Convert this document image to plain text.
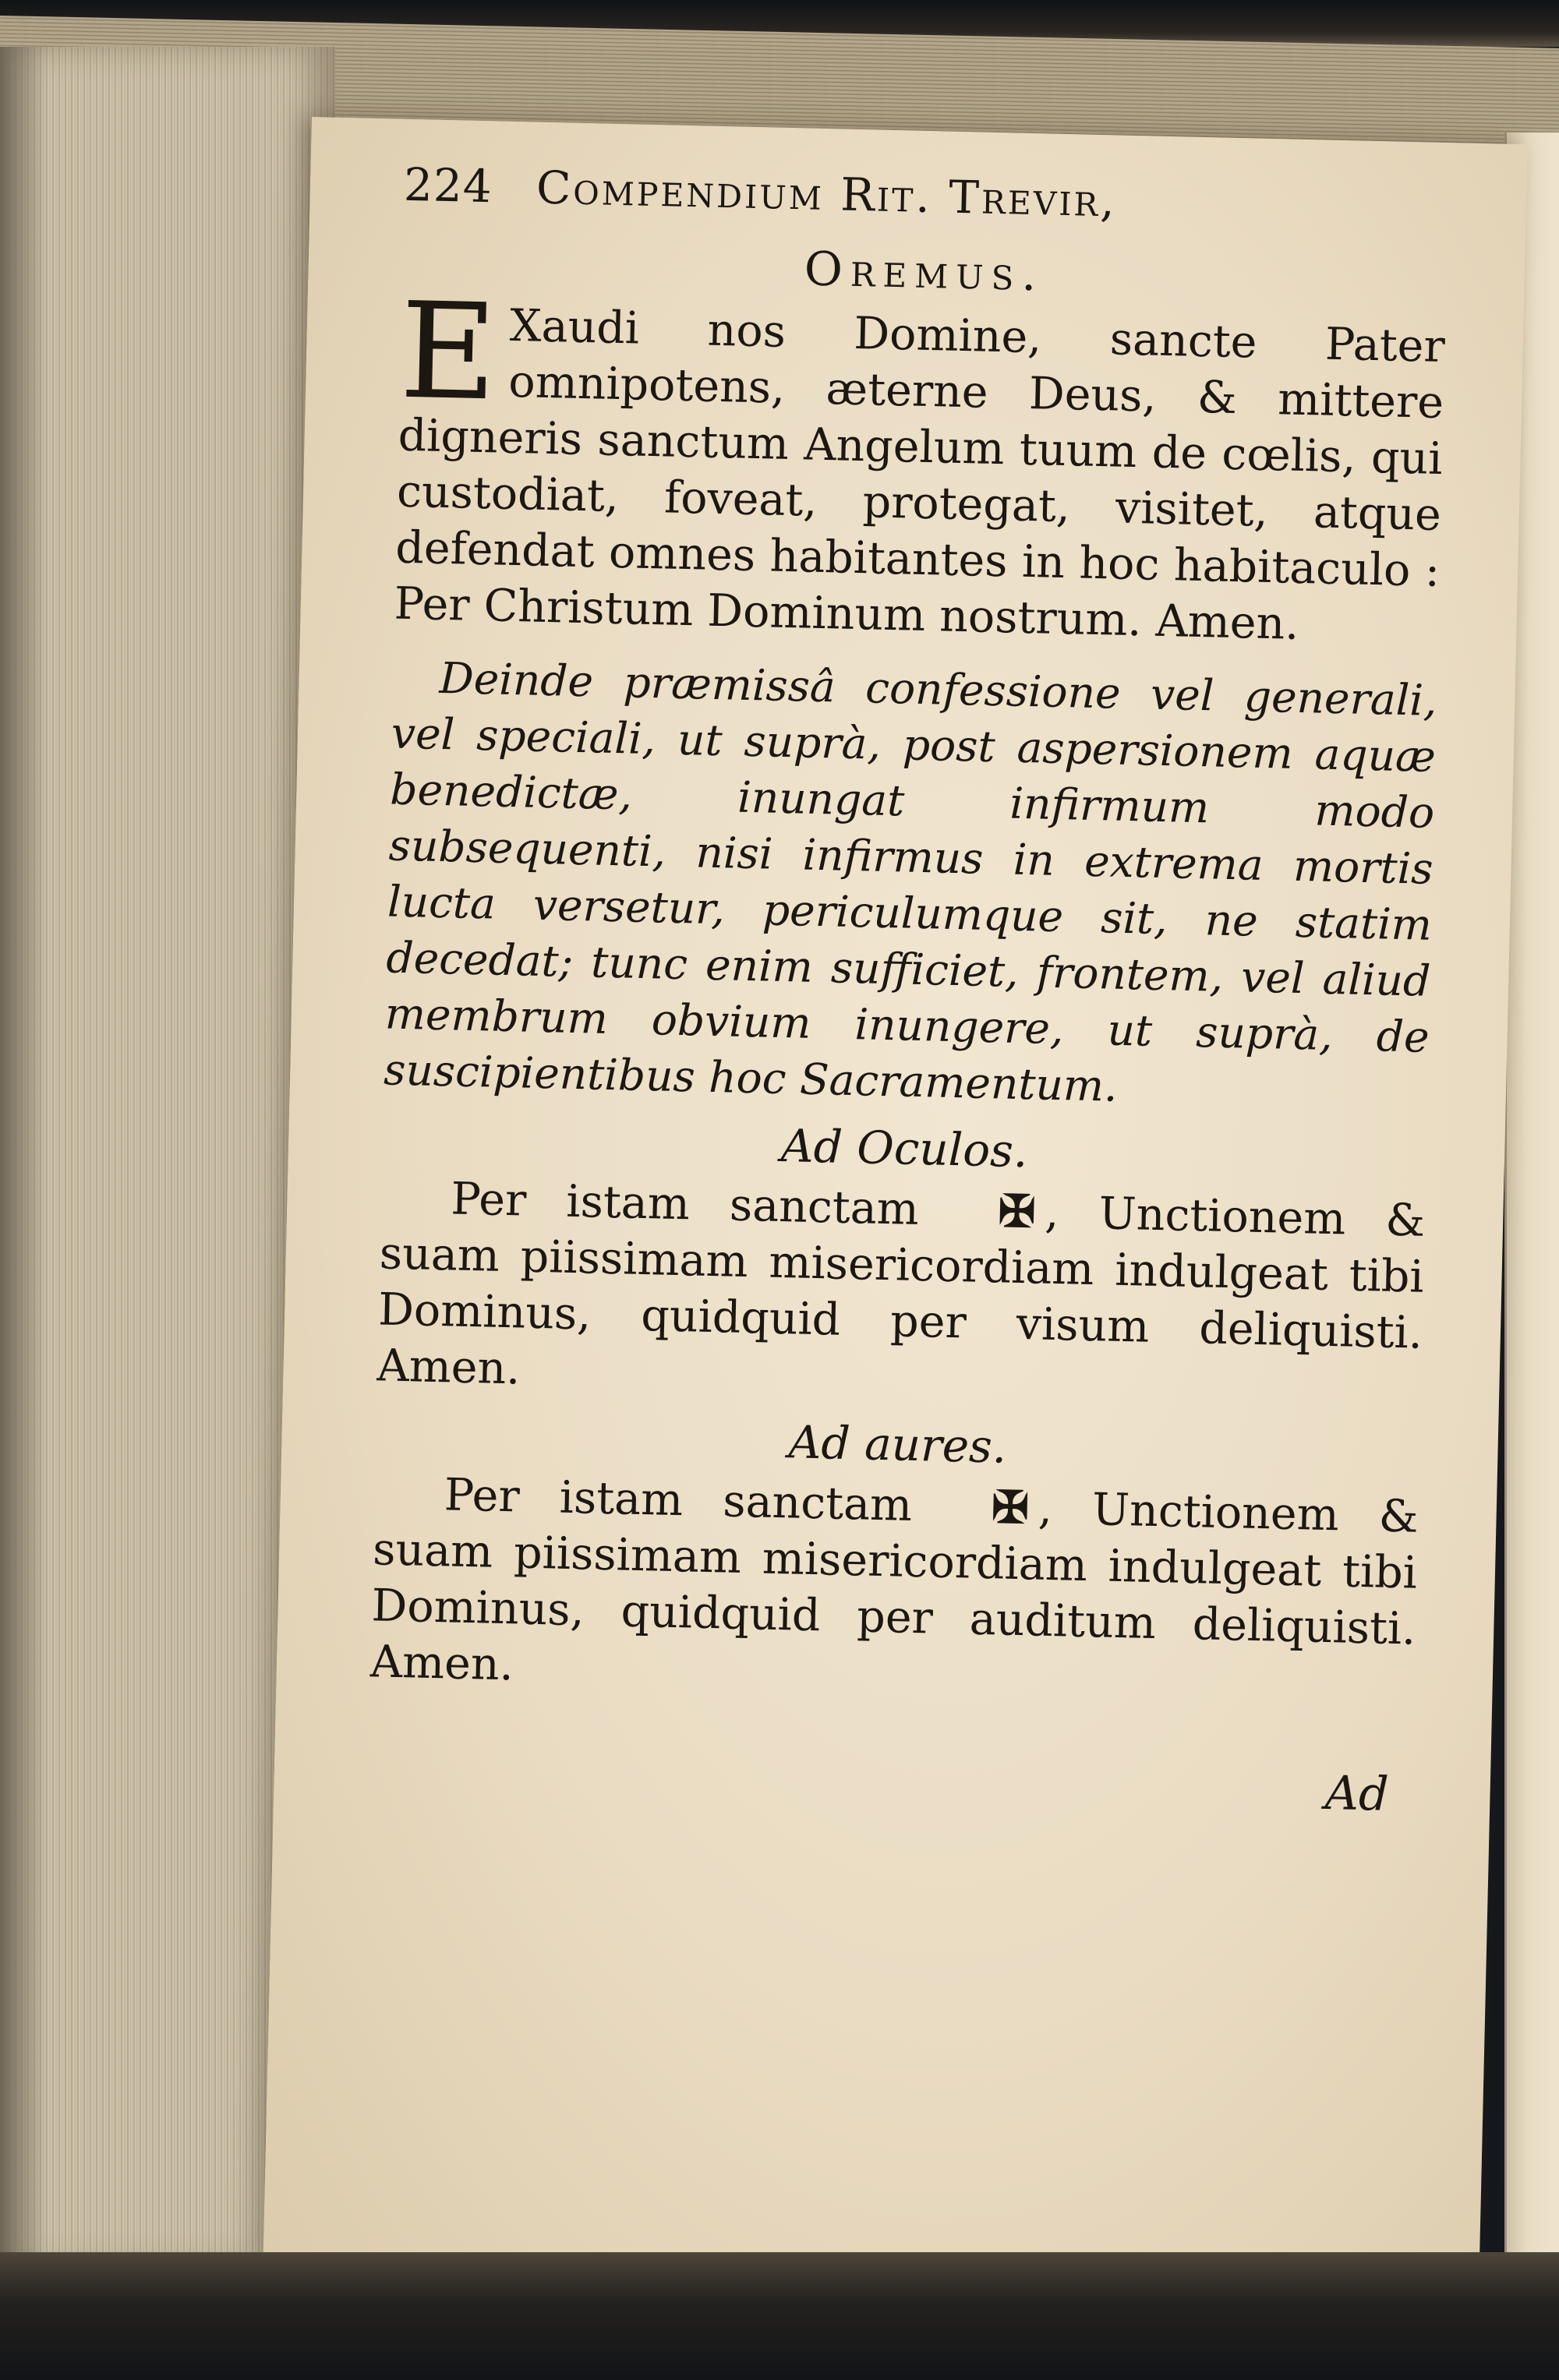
224 Compendium Rit. Trevir,
Oremus.
E Xaudi nos Domine, sancte Pater omnipotens, æterne Deus, & mittere digneris sanctum Angelum tuum de cœlis, qui custodiat, foveat, protegat, visitet, atque defendat omnes habitantes in hoc habitaculo : Per Christum Dominum nostrum. Amen.

Deinde præmissâ confessione vel generali, vel speciali, ut suprà, post aspersionem aquæ benedictæ, inungat infirmum modo subsequenti, nisi infirmus in extrema mortis lucta versetur, periculumque sit, ne statim decedat; tunc enim sufficiet, frontem, vel aliud membrum obvium inungere, ut suprà, de suscipientibus hoc Sacramentum.

Ad Oculos.

Per istam sanctam ✠ , Unctionem & suam piissimam misericordiam indulgeat tibi Dominus, quidquid per visum deliquisti. Amen.

Ad aures.

Per istam sanctam ✠ , Unctionem & suam piissimam misericordiam indulgeat tibi Dominus, quidquid per auditum deliquisti. Amen.

Ad
